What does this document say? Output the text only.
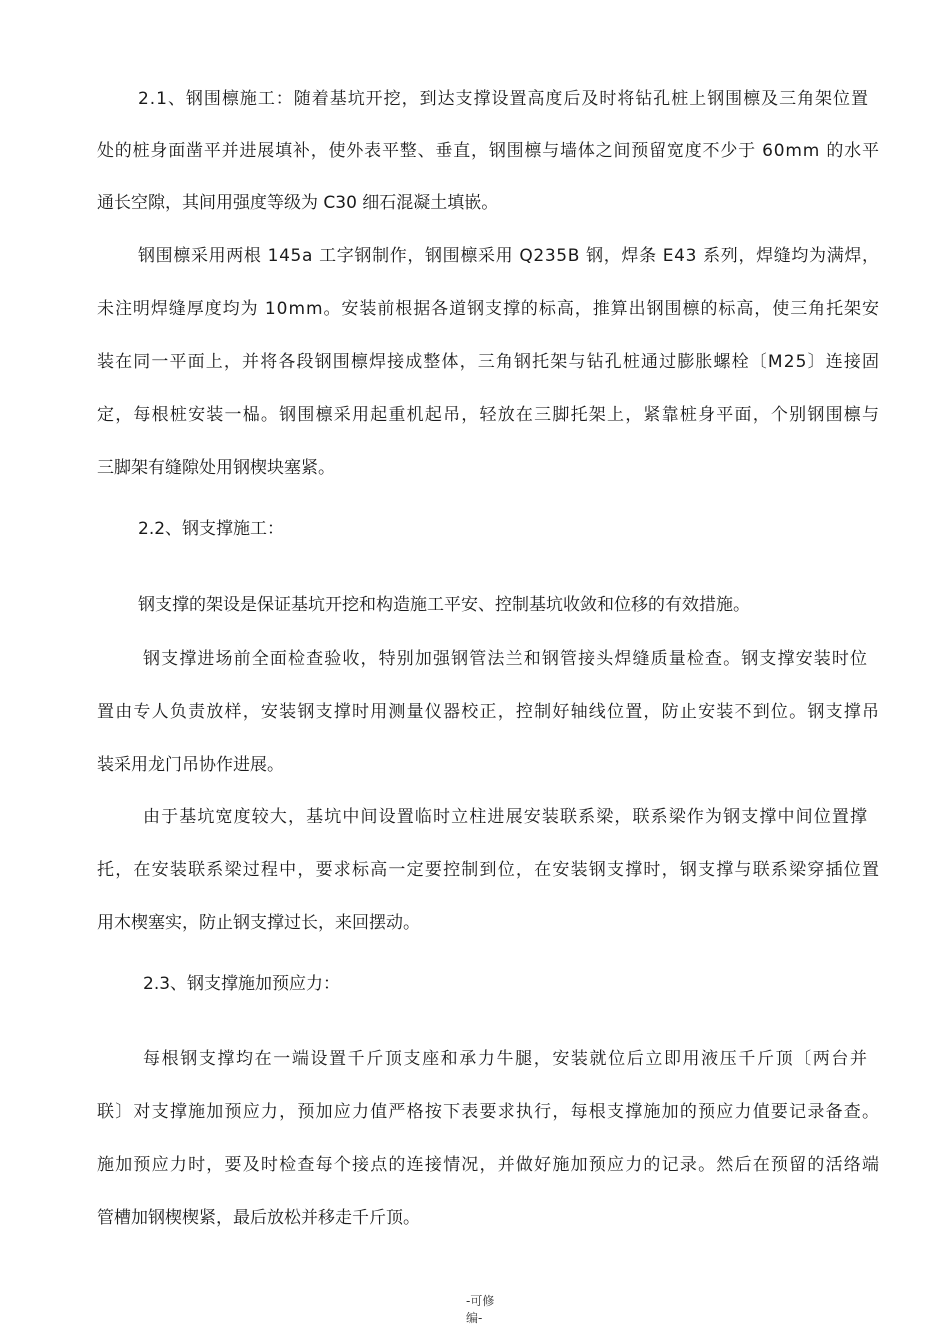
2.1、钢围檩施工：随着基坑开挖，到达支撑设置高度后及时将钻孔桩上钢围檩及三角架位置
处的桩身面凿平并进展填补，使外表平整、垂直，钢围檩与墙体之间预留宽度不少于 60mm 的水平
通长空隙，其间用强度等级为 C30 细石混凝土填嵌。
钢围檩采用两根 145a 工字钢制作，钢围檩采用 Q235B 钢，焊条 E43 系列，焊缝均为满焊，
未注明焊缝厚度均为 10mm。安装前根据各道钢支撑的标高，推算出钢围檩的标高，使三角托架安
装在同一平面上，并将各段钢围檩焊接成整体，三角钢托架与钻孔桩通过膨胀螺栓〔M25〕连接固
定，每根桩安装一榀。钢围檩采用起重机起吊，轻放在三脚托架上，紧靠桩身平面，个别钢围檩与
三脚架有缝隙处用钢楔块塞紧。
2.2、钢支撑施工：
钢支撑的架设是保证基坑开挖和构造施工平安、控制基坑收敛和位移的有效措施。
钢支撑进场前全面检查验收，特别加强钢管法兰和钢管接头焊缝质量检查。钢支撑安装时位
置由专人负责放样，安装钢支撑时用测量仪器校正，控制好轴线位置，防止安装不到位。钢支撑吊
装采用龙门吊协作进展。
由于基坑宽度较大，基坑中间设置临时立柱进展安装联系梁，联系梁作为钢支撑中间位置撑
托，在安装联系梁过程中，要求标高一定要控制到位，在安装钢支撑时，钢支撑与联系梁穿插位置
用木楔塞实，防止钢支撑过长，来回摆动。
2.3、钢支撑施加预应力：
每根钢支撑均在一端设置千斤顶支座和承力牛腿，安装就位后立即用液压千斤顶〔两台并
联〕对支撑施加预应力，预加应力值严格按下表要求执行，每根支撑施加的预应力值要记录备查。
施加预应力时，要及时检查每个接点的连接情况，并做好施加预应力的记录。然后在预留的活络端
管槽加钢楔楔紧，最后放松并移走千斤顶。
-可修
编-
